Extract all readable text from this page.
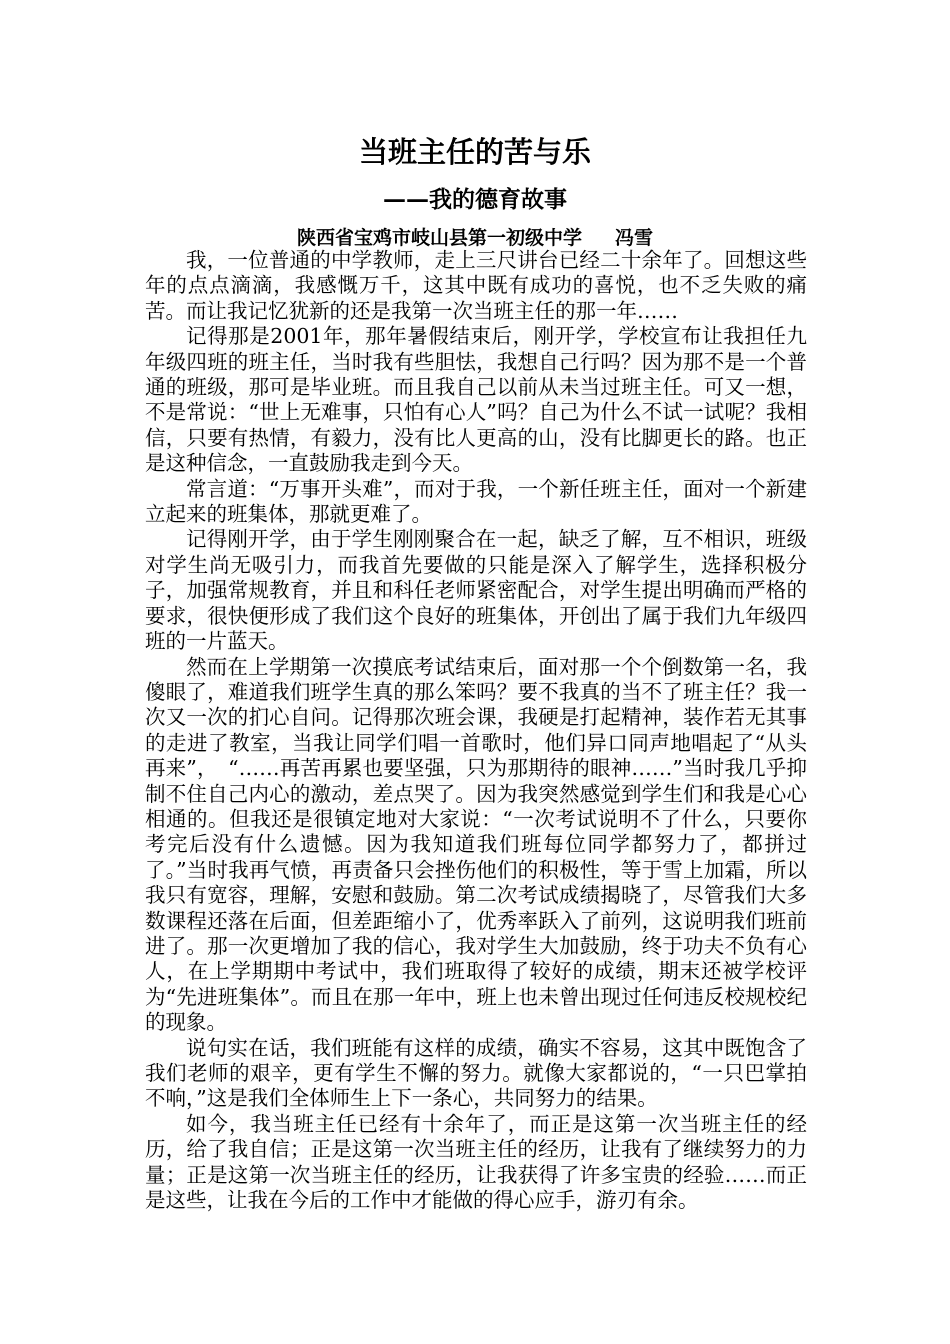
当班主任的苦与乐
——我的德育故事
陕西省宝鸡市岐山县第一初级中学     冯雪

我，一位普通的中学教师，走上三尺讲台已经二十余年了。回想这些年的点点滴滴，我感慨万千，这其中既有成功的喜悦，也不乏失败的痛苦。而让我记忆犹新的还是我第一次当班主任的那一年……

记得那是2001年，那年暑假结束后，刚开学，学校宣布让我担任九年级四班的班主任，当时我有些胆怯，我想自己行吗？因为那不是一个普通的班级，那可是毕业班。而且我自己以前从未当过班主任。可又一想，不是常说：“世上无难事，只怕有心人”吗？自己为什么不试一试呢？我相信，只要有热情，有毅力，没有比人更高的山，没有比脚更长的路。也正是这种信念，一直鼓励我走到今天。

常言道：“万事开头难”，而对于我，一个新任班主任，面对一个新建立起来的班集体，那就更难了。

记得刚开学，由于学生刚刚聚合在一起，缺乏了解，互不相识，班级对学生尚无吸引力，而我首先要做的只能是深入了解学生，选择积极分子，加强常规教育，并且和科任老师紧密配合，对学生提出明确而严格的要求，很快便形成了我们这个良好的班集体，开创出了属于我们九年级四班的一片蓝天。

然而在上学期第一次摸底考试结束后，面对那一个个倒数第一名，我傻眼了，难道我们班学生真的那么笨吗？要不我真的当不了班主任？我一次又一次的扪心自问。记得那次班会课，我硬是打起精神，装作若无其事的走进了教室，当我让同学们唱一首歌时，他们异口同声地唱起了“从头再来”，　“……再苦再累也要坚强，只为那期待的眼神……”当时我几乎抑制不住自己内心的激动，差点哭了。因为我突然感觉到学生们和我是心心相通的。但我还是很镇定地对大家说：“一次考试说明不了什么，只要你考完后没有什么遗憾。因为我知道我们班每位同学都努力了，都拼过了。”当时我再气愤，再责备只会挫伤他们的积极性，等于雪上加霜，所以我只有宽容，理解，安慰和鼓励。第二次考试成绩揭晓了，尽管我们大多数课程还落在后面，但差距缩小了，优秀率跃入了前列，这说明我们班前进了。那一次更增加了我的信心，我对学生大加鼓励，终于功夫不负有心人，在上学期期中考试中，我们班取得了较好的成绩，期末还被学校评为“先进班集体”。而且在那一年中，班上也未曾出现过任何违反校规校纪的现象。

说句实在话，我们班能有这样的成绩，确实不容易，这其中既饱含了我们老师的艰辛，更有学生不懈的努力。就像大家都说的，“一只巴掌拍不响，”这是我们全体师生上下一条心，共同努力的结果。

如今，我当班主任已经有十余年了，而正是这第一次当班主任的经历，给了我自信；正是这第一次当班主任的经历，让我有了继续努力的力量；正是这第一次当班主任的经历，让我获得了许多宝贵的经验……而正是这些，让我在今后的工作中才能做的得心应手，游刃有余。
